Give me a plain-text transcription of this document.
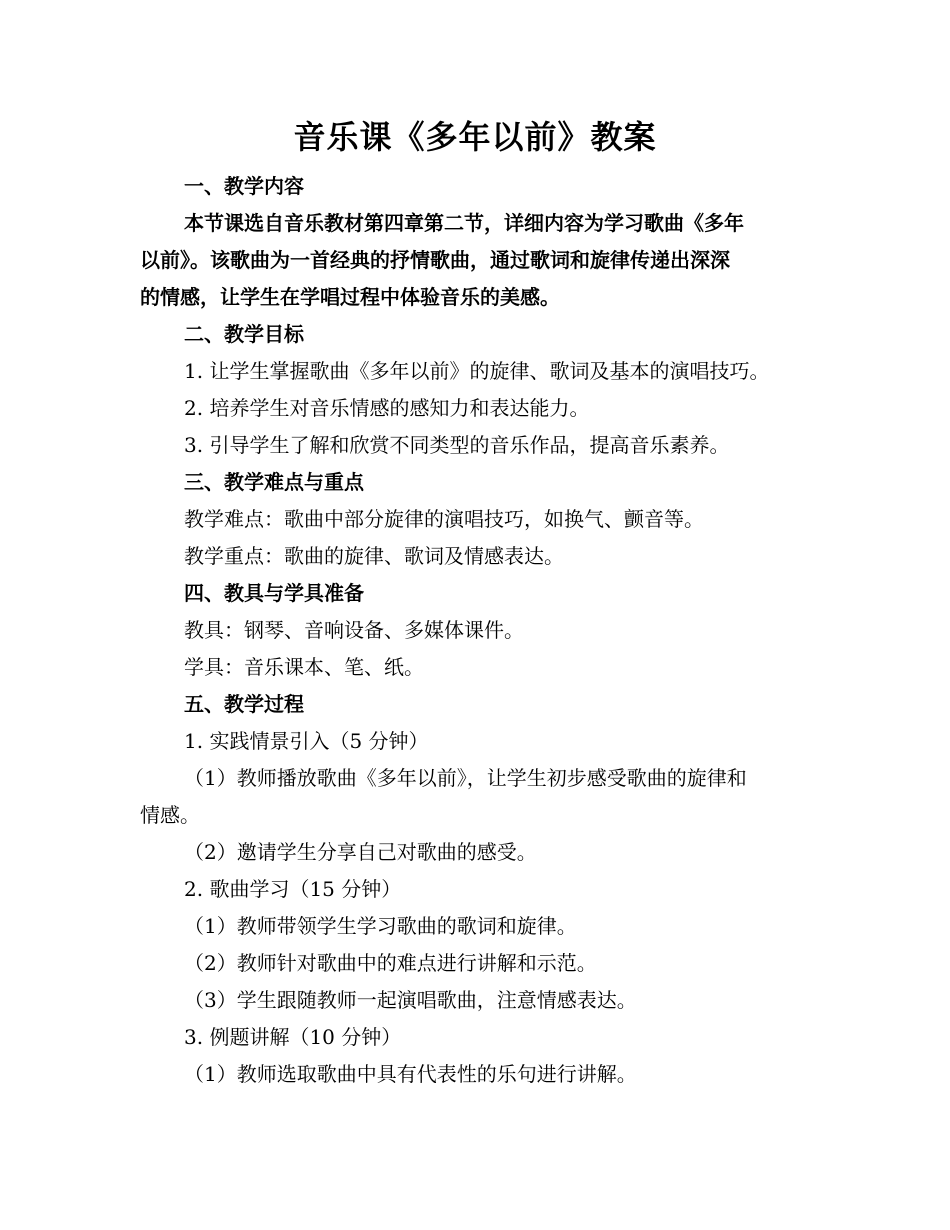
音乐课《多年以前》教案
一、教学内容
本节课选自音乐教材第四章第二节，详细内容为学习歌曲《多年
以前》。该歌曲为一首经典的抒情歌曲，通过歌词和旋律传递出深深
的情感，让学生在学唱过程中体验音乐的美感。
二、教学目标
1. 让学生掌握歌曲《多年以前》的旋律、歌词及基本的演唱技巧。
2. 培养学生对音乐情感的感知力和表达能力。
3. 引导学生了解和欣赏不同类型的音乐作品，提高音乐素养。
三、教学难点与重点
教学难点：歌曲中部分旋律的演唱技巧，如换气、颤音等。
教学重点：歌曲的旋律、歌词及情感表达。
四、教具与学具准备
教具：钢琴、音响设备、多媒体课件。
学具：音乐课本、笔、纸。
五、教学过程
1. 实践情景引入（5 分钟）
（1）教师播放歌曲《多年以前》，让学生初步感受歌曲的旋律和
情感。
（2）邀请学生分享自己对歌曲的感受。
2. 歌曲学习（15 分钟）
（1）教师带领学生学习歌曲的歌词和旋律。
（2）教师针对歌曲中的难点进行讲解和示范。
（3）学生跟随教师一起演唱歌曲，注意情感表达。
3. 例题讲解（10 分钟）
（1）教师选取歌曲中具有代表性的乐句进行讲解。
